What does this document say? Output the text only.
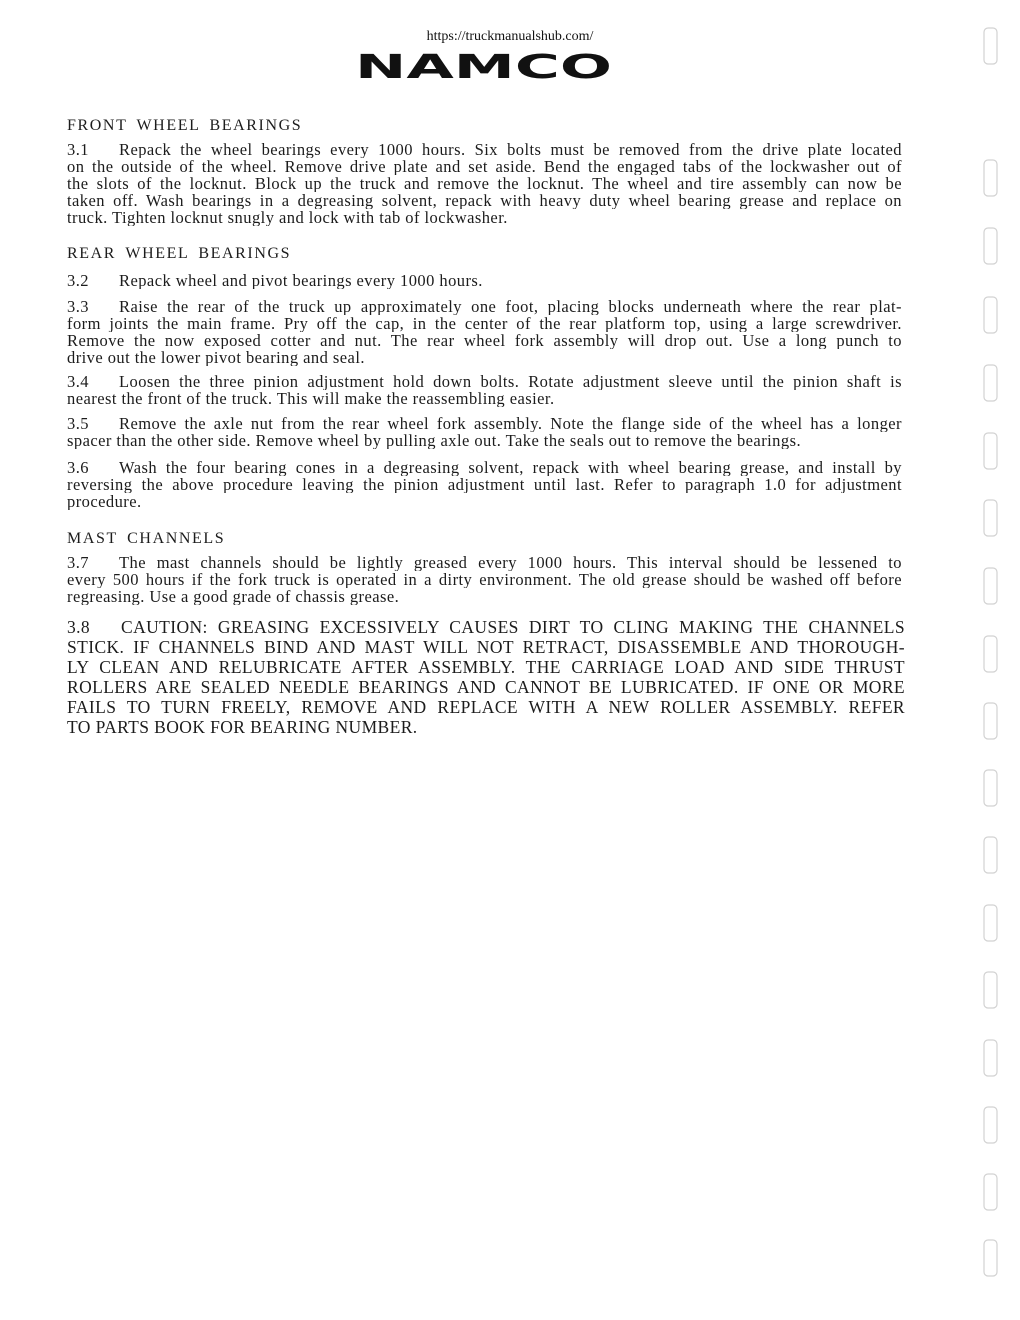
https://truckmanualshub.com/
NAMCO
FRONT WHEEL BEARINGS
3.1 Repack the wheel bearings every 1000 hours. Six bolts must be removed from the drive plate located
on the outside of the wheel. Remove drive plate and set aside. Bend the engaged tabs of the lockwasher out of
the slots of the locknut. Block up the truck and remove the locknut. The wheel and tire assembly can now be
taken off. Wash bearings in a degreasing solvent, repack with heavy duty wheel bearing grease and replace on
truck. Tighten locknut snugly and lock with tab of lockwasher.
REAR WHEEL BEARINGS
3.2 Repack wheel and pivot bearings every 1000 hours.
3.3 Raise the rear of the truck up approximately one foot, placing blocks underneath where the rear plat-
form joints the main frame. Pry off the cap, in the center of the rear platform top, using a large screwdriver.
Remove the now exposed cotter and nut. The rear wheel fork assembly will drop out. Use a long punch to
drive out the lower pivot bearing and seal.
3.4 Loosen the three pinion adjustment hold down bolts. Rotate adjustment sleeve until the pinion shaft is
nearest the front of the truck. This will make the reassembling easier.
3.5 Remove the axle nut from the rear wheel fork assembly. Note the flange side of the wheel has a longer
spacer than the other side. Remove wheel by pulling axle out. Take the seals out to remove the bearings.
3.6 Wash the four bearing cones in a degreasing solvent, repack with wheel bearing grease, and install by
reversing the above procedure leaving the pinion adjustment until last. Refer to paragraph 1.0 for adjustment
procedure.
MAST CHANNELS
3.7 The mast channels should be lightly greased every 1000 hours. This interval should be lessened to
every 500 hours if the fork truck is operated in a dirty environment. The old grease should be washed off before
regreasing. Use a good grade of chassis grease.
3.8 CAUTION: GREASING EXCESSIVELY CAUSES DIRT TO CLING MAKING THE CHANNELS
STICK. IF CHANNELS BIND AND MAST WILL NOT RETRACT, DISASSEMBLE AND THOROUGH-
LY CLEAN AND RELUBRICATE AFTER ASSEMBLY. THE CARRIAGE LOAD AND SIDE THRUST
ROLLERS ARE SEALED NEEDLE BEARINGS AND CANNOT BE LUBRICATED. IF ONE OR MORE
FAILS TO TURN FREELY, REMOVE AND REPLACE WITH A NEW ROLLER ASSEMBLY. REFER
TO PARTS BOOK FOR BEARING NUMBER.
